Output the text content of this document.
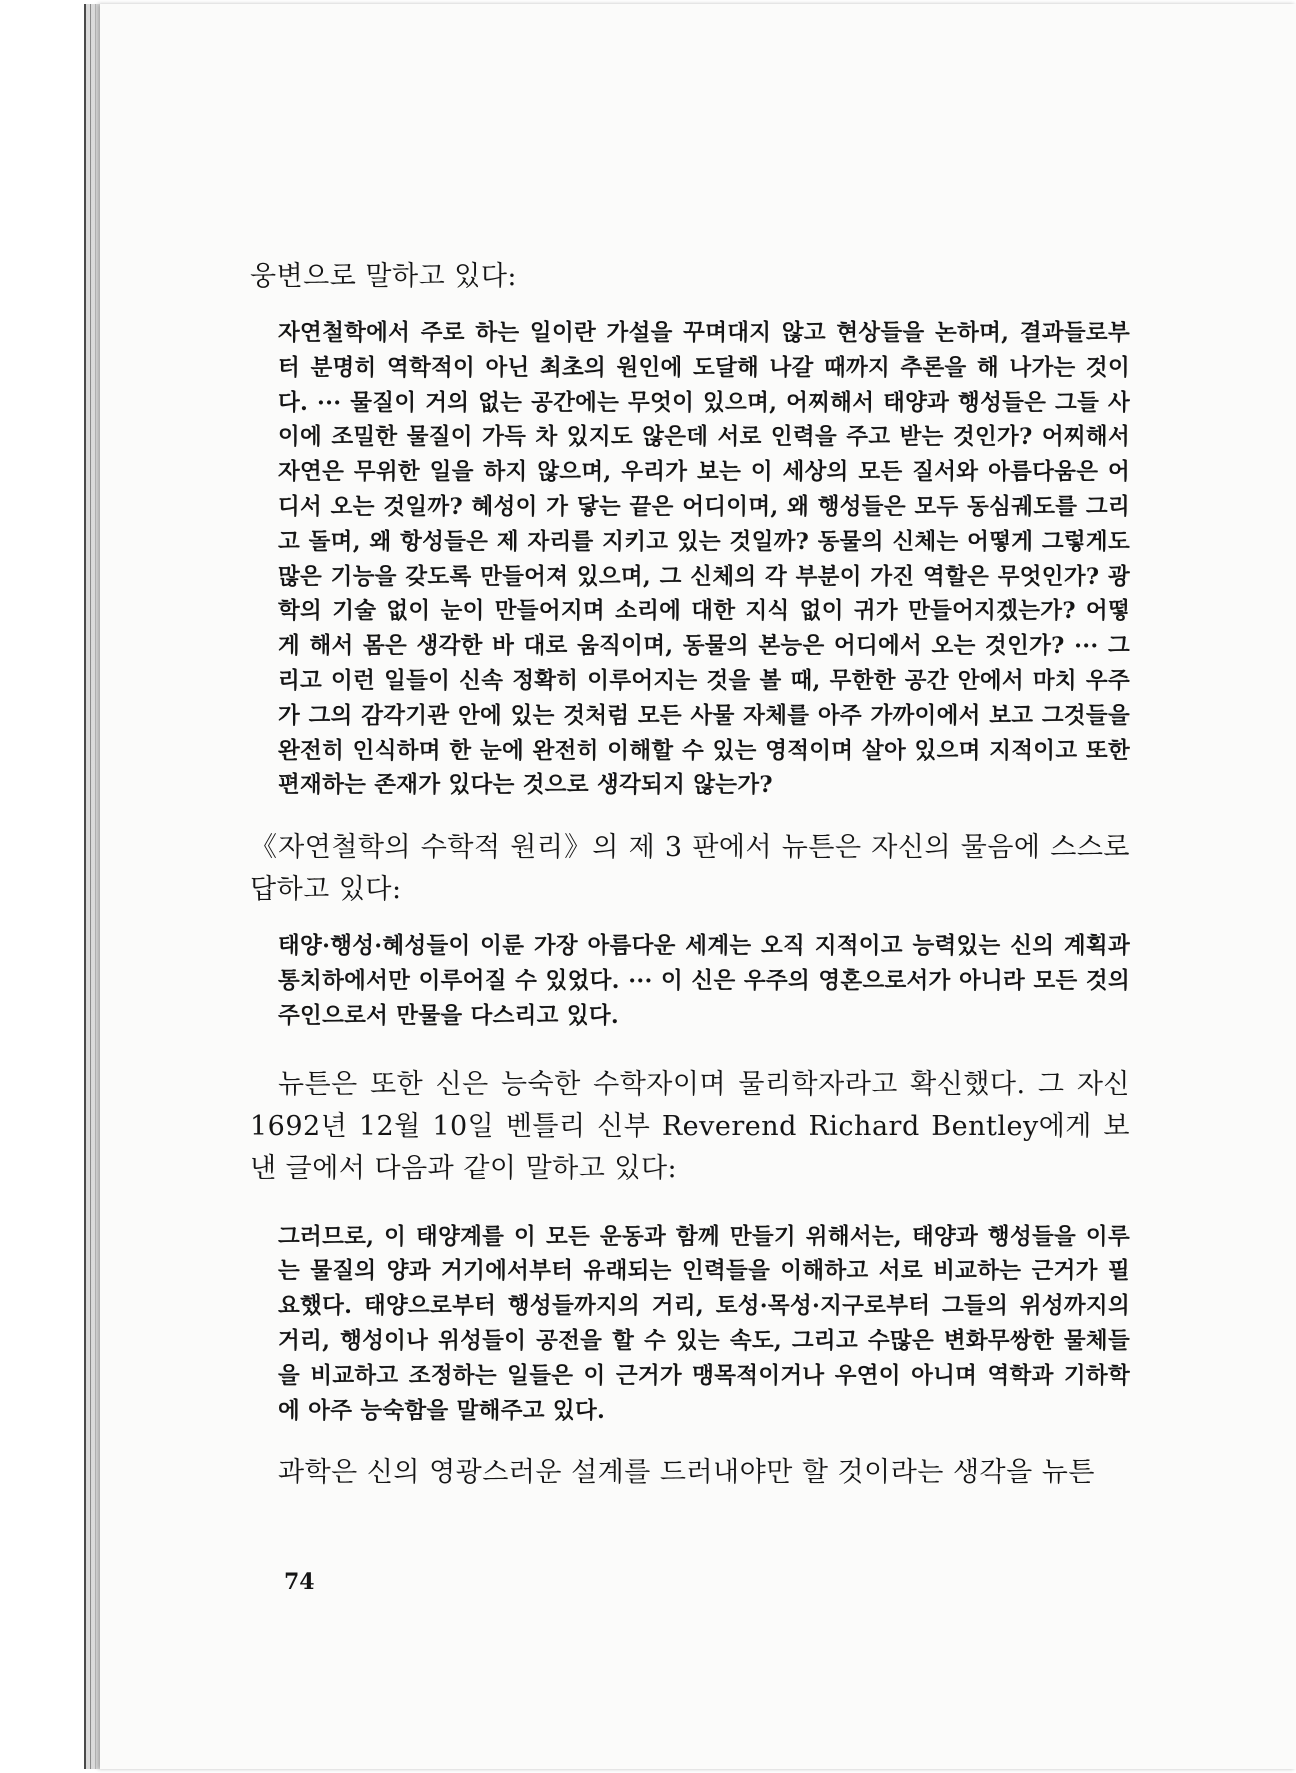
웅변으로 말하고 있다:

자연철학에서 주로 하는 일이란 가설을 꾸며대지 않고 현상들을 논하며, 결과들로부터 분명히 역학적이 아닌 최초의 원인에 도달해 나갈 때까지 추론을 해 나가는 것이다. ··· 물질이 거의 없는 공간에는 무엇이 있으며, 어찌해서 태양과 행성들은 그들 사이에 조밀한 물질이 가득 차 있지도 않은데 서로 인력을 주고 받는 것인가? 어찌해서 자연은 무위한 일을 하지 않으며, 우리가 보는 이 세상의 모든 질서와 아름다움은 어디서 오는 것일까? 혜성이 가 닿는 끝은 어디이며, 왜 행성들은 모두 동심궤도를 그리고 돌며, 왜 항성들은 제 자리를 지키고 있는 것일까? 동물의 신체는 어떻게 그렇게도 많은 기능을 갖도록 만들어져 있으며, 그 신체의 각 부분이 가진 역할은 무엇인가? 광학의 기술 없이 눈이 만들어지며 소리에 대한 지식 없이 귀가 만들어지겠는가? 어떻게 해서 몸은 생각한 바 대로 움직이며, 동물의 본능은 어디에서 오는 것인가? ··· 그리고 이런 일들이 신속 정확히 이루어지는 것을 볼 때, 무한한 공간 안에서 마치 우주가 그의 감각기관 안에 있는 것처럼 모든 사물 자체를 아주 가까이에서 보고 그것들을 완전히 인식하며 한 눈에 완전히 이해할 수 있는 영적이며 살아 있으며 지적이고 또한 편재하는 존재가 있다는 것으로 생각되지 않는가?

《자연철학의 수학적 원리》의 제 3 판에서 뉴튼은 자신의 물음에 스스로 답하고 있다:

태양·행성·혜성들이 이룬 가장 아름다운 세계는 오직 지적이고 능력있는 신의 계획과 통치하에서만 이루어질 수 있었다. ··· 이 신은 우주의 영혼으로서가 아니라 모든 것의 주인으로서 만물을 다스리고 있다.

뉴튼은 또한 신은 능숙한 수학자이며 물리학자라고 확신했다. 그 자신 1692년 12월 10일 벤틀리 신부 Reverend Richard Bentley에게 보낸 글에서 다음과 같이 말하고 있다:

그러므로, 이 태양계를 이 모든 운동과 함께 만들기 위해서는, 태양과 행성들을 이루는 물질의 양과 거기에서부터 유래되는 인력들을 이해하고 서로 비교하는 근거가 필요했다. 태양으로부터 행성들까지의 거리, 토성·목성·지구로부터 그들의 위성까지의 거리, 행성이나 위성들이 공전을 할 수 있는 속도, 그리고 수많은 변화무쌍한 물체들을 비교하고 조정하는 일들은 이 근거가 맹목적이거나 우연이 아니며 역학과 기하학에 아주 능숙함을 말해주고 있다.

과학은 신의 영광스러운 설계를 드러내야만 할 것이라는 생각을 뉴튼

74
